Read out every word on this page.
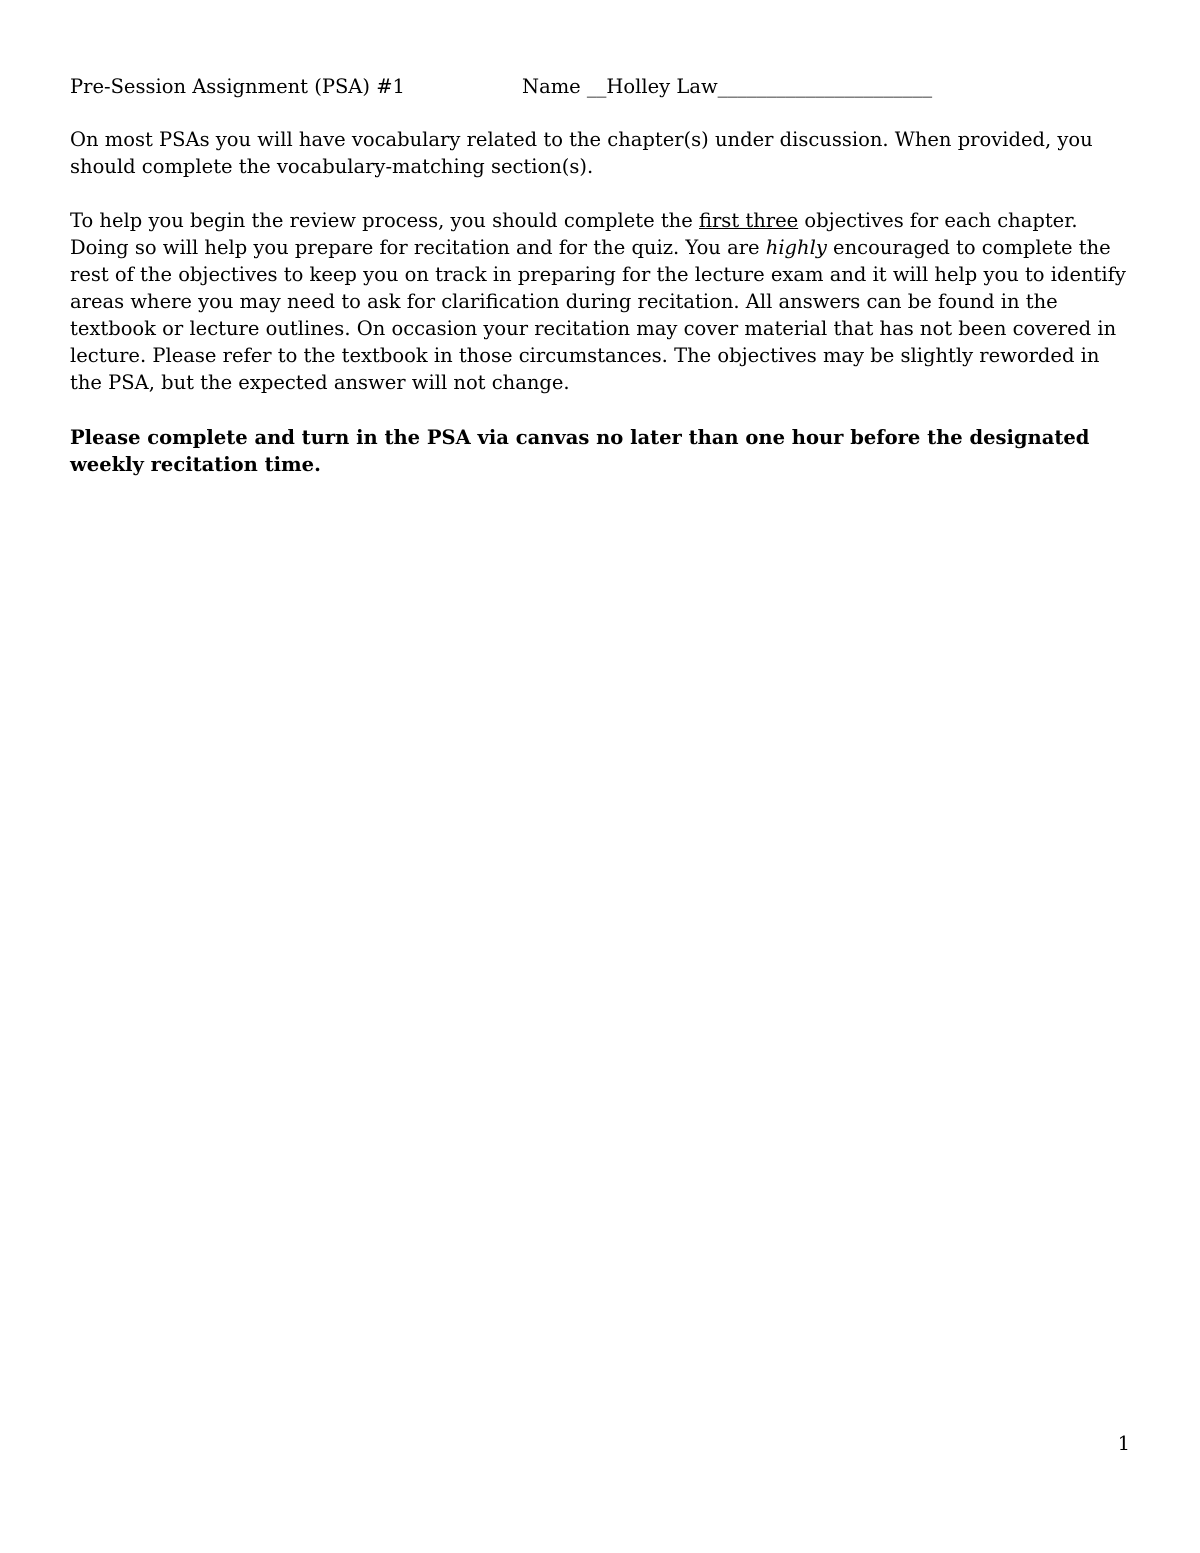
Pre-Session Assignment (PSA) #1	Name __Holley Law______________________

On most PSAs you will have vocabulary related to the chapter(s) under discussion. When provided, you should complete the vocabulary-matching section(s).

To help you begin the review process, you should complete the first three objectives for each chapter. Doing so will help you prepare for recitation and for the quiz. You are highly encouraged to complete the rest of the objectives to keep you on track in preparing for the lecture exam and it will help you to identify areas where you may need to ask for clarification during recitation. All answers can be found in the textbook or lecture outlines. On occasion your recitation may cover material that has not been covered in lecture. Please refer to the textbook in those circumstances. The objectives may be slightly reworded in the PSA, but the expected answer will not change.

Please complete and turn in the PSA via canvas no later than one hour before the designated weekly recitation time.

1
